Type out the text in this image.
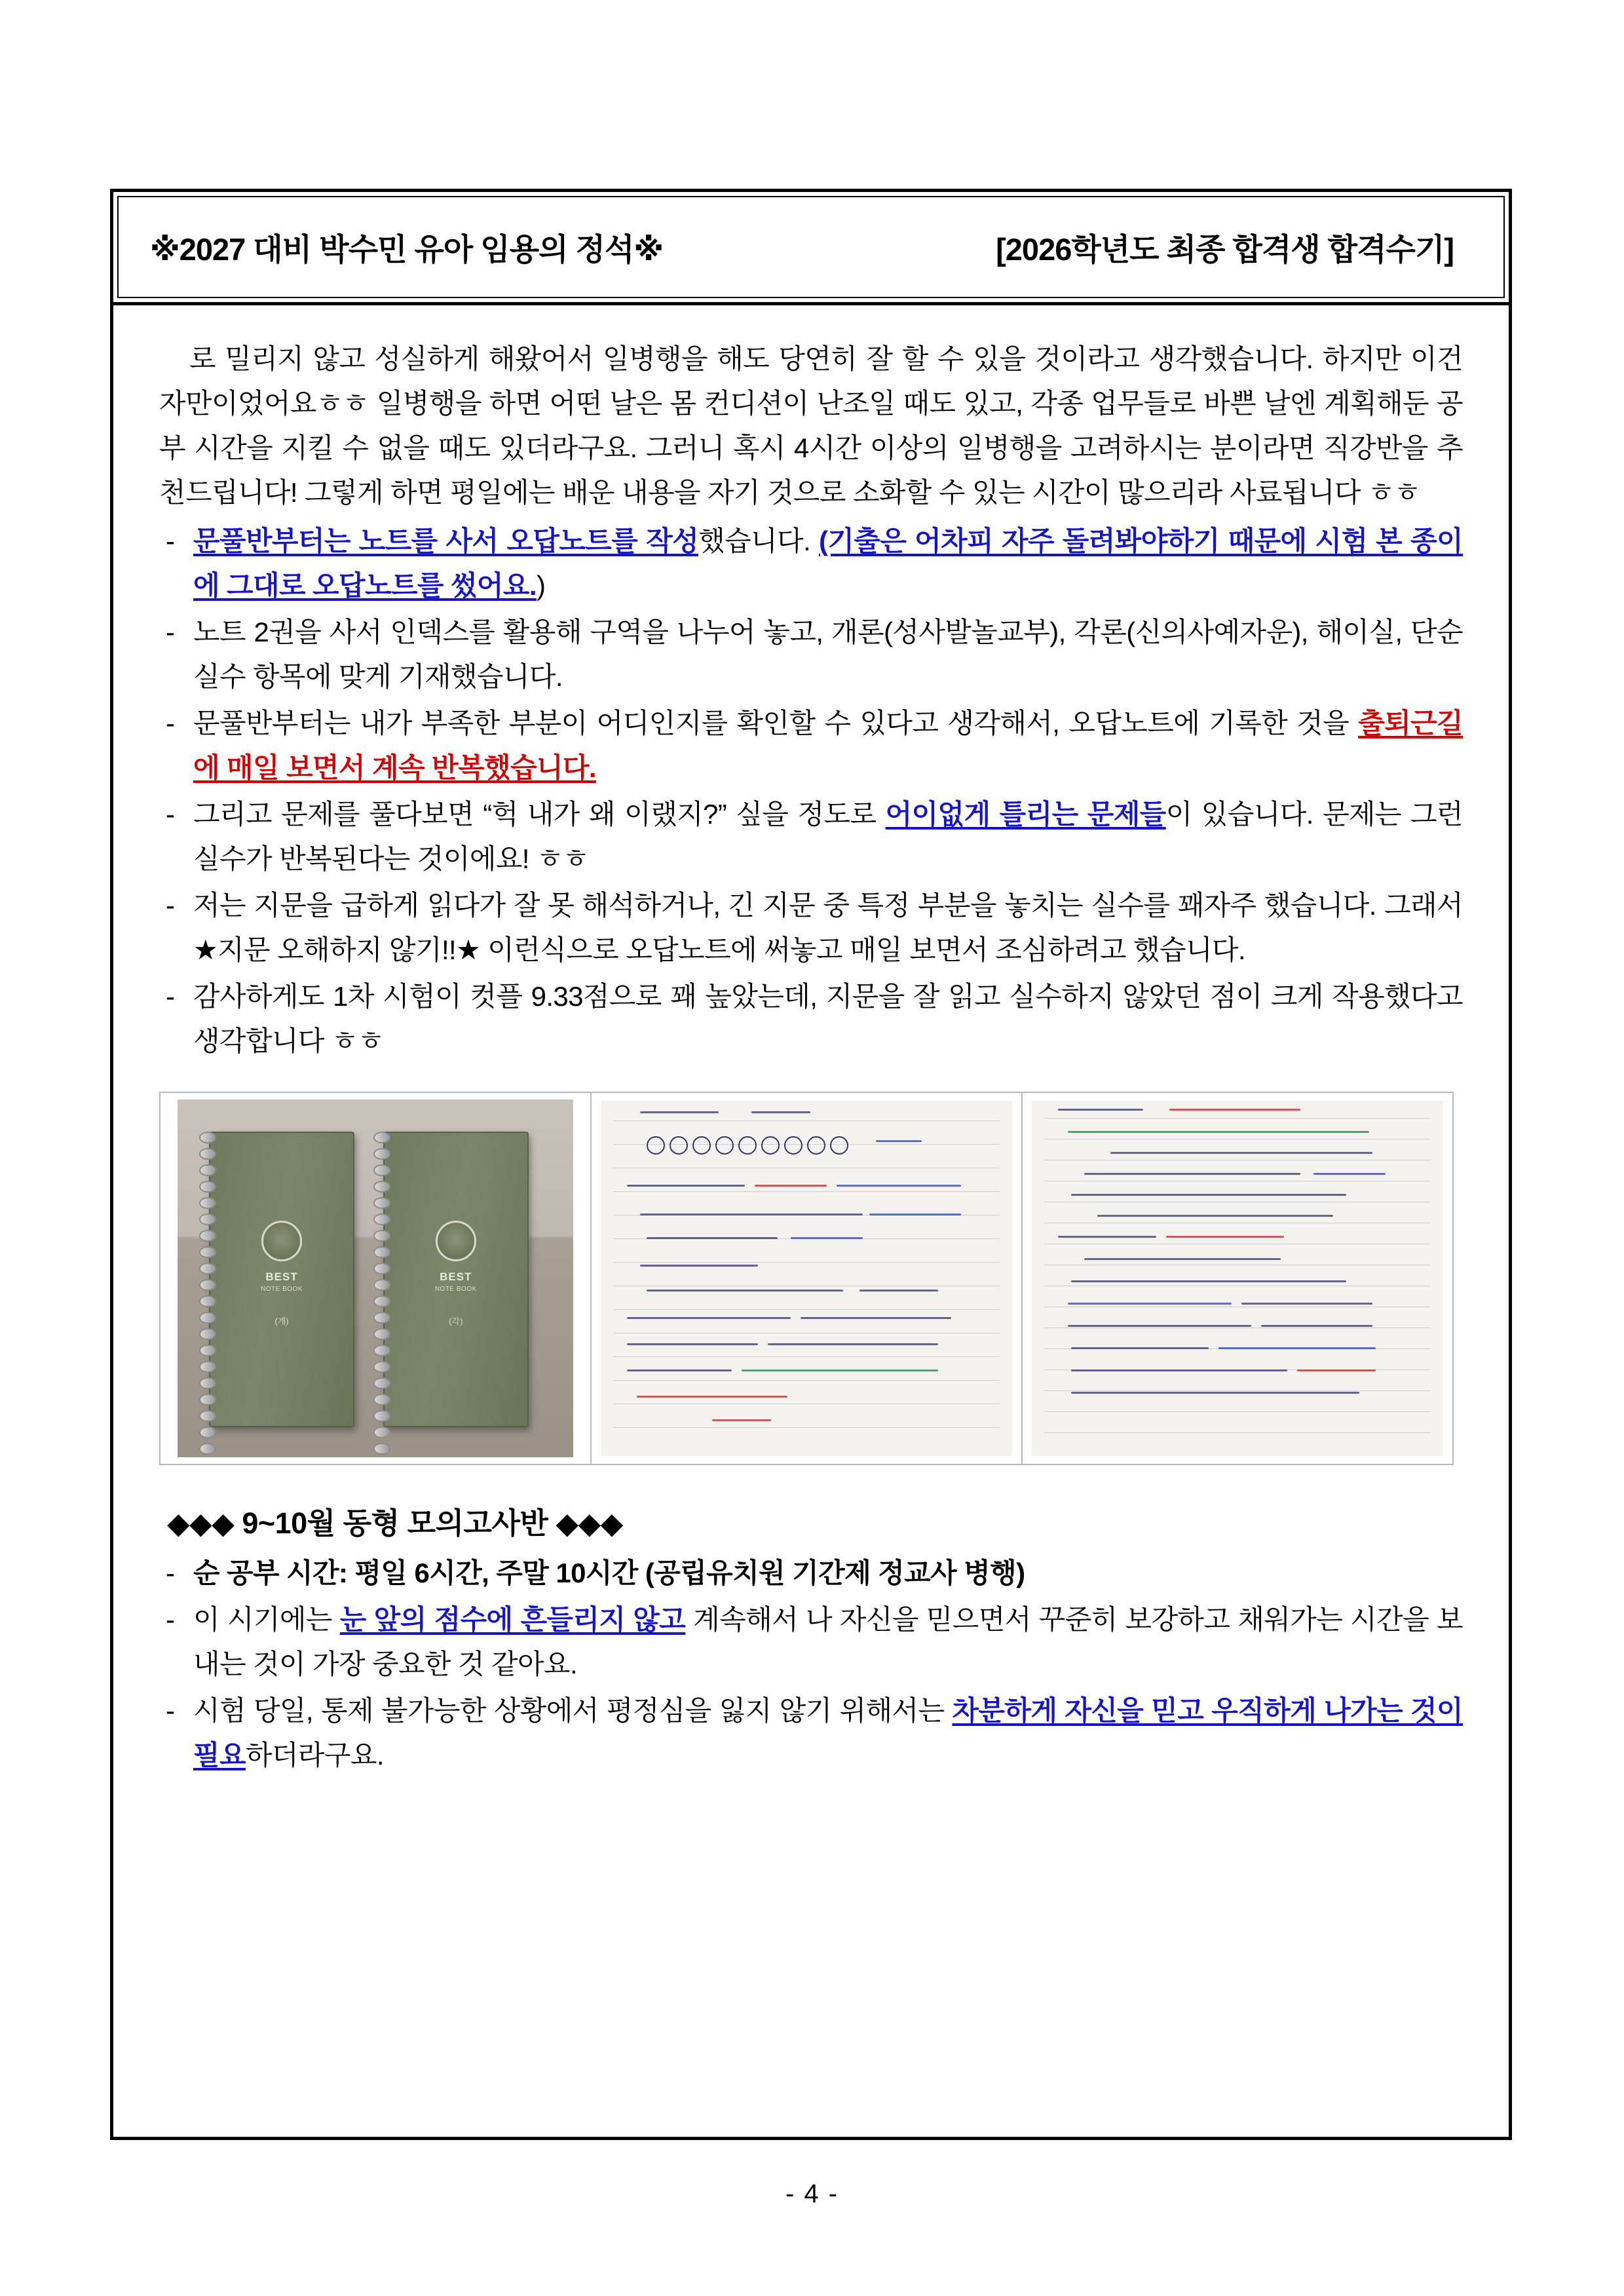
※2027 대비 박수민 유아 임용의 정석※	[2026학년도 최종 합격생 합격수기]

로 밀리지 않고 성실하게 해왔어서 일병행을 해도 당연히 잘 할 수 있을 것이라고 생각했습니다. 하지만 이건 자만이었어요ㅎㅎ 일병행을 하면 어떤 날은 몸 컨디션이 난조일 때도 있고, 각종 업무들로 바쁜 날엔 계획해둔 공부 시간을 지킬 수 없을 때도 있더라구요. 그러니 혹시 4시간 이상의 일병행을 고려하시는 분이라면 직강반을 추천드립니다! 그렇게 하면 평일에는 배운 내용을 자기 것으로 소화할 수 있는 시간이 많으리라 사료됩니다 ㅎㅎ

- 문풀반부터는 노트를 사서 오답노트를 작성했습니다. (기출은 어차피 자주 돌려봐야하기 때문에 시험 본 종이에 그대로 오답노트를 썼어요.)
- 노트 2권을 사서 인덱스를 활용해 구역을 나누어 놓고, 개론(성사발놀교부), 각론(신의사예자운), 해이실, 단순실수 항목에 맞게 기재했습니다.
- 문풀반부터는 내가 부족한 부분이 어디인지를 확인할 수 있다고 생각해서, 오답노트에 기록한 것을 출퇴근길에 매일 보면서 계속 반복했습니다.
- 그리고 문제를 풀다보면 “헉 내가 왜 이랬지?” 싶을 정도로 어이없게 틀리는 문제들이 있습니다. 문제는 그런 실수가 반복된다는 것이에요! ㅎㅎ
- 저는 지문을 급하게 읽다가 잘 못 해석하거나, 긴 지문 중 특정 부분을 놓치는 실수를 꽤자주 했습니다. 그래서 ★지문 오해하지 않기!!★ 이런식으로 오답노트에 써놓고 매일 보면서 조심하려고 했습니다.
- 감사하게도 1차 시험이 컷플 9.33점으로 꽤 높았는데, 지문을 잘 읽고 실수하지 않았던 점이 크게 작용했다고 생각합니다 ㅎㅎ
BEST
NOTE BOOK
(개)
BEST
NOTE BOOK
(각)
◆◆◆ 9~10월 동형 모의고사반 ◆◆◆
- 순 공부 시간: 평일 6시간, 주말 10시간 (공립유치원 기간제 정교사 병행)
- 이 시기에는 눈 앞의 점수에 흔들리지 않고 계속해서 나 자신을 믿으면서 꾸준히 보강하고 채워가는 시간을 보내는 것이 가장 중요한 것 같아요.
- 시험 당일, 통제 불가능한 상황에서 평정심을 잃지 않기 위해서는 차분하게 자신을 믿고 우직하게 나가는 것이 필요하더라구요.
- 4 -
